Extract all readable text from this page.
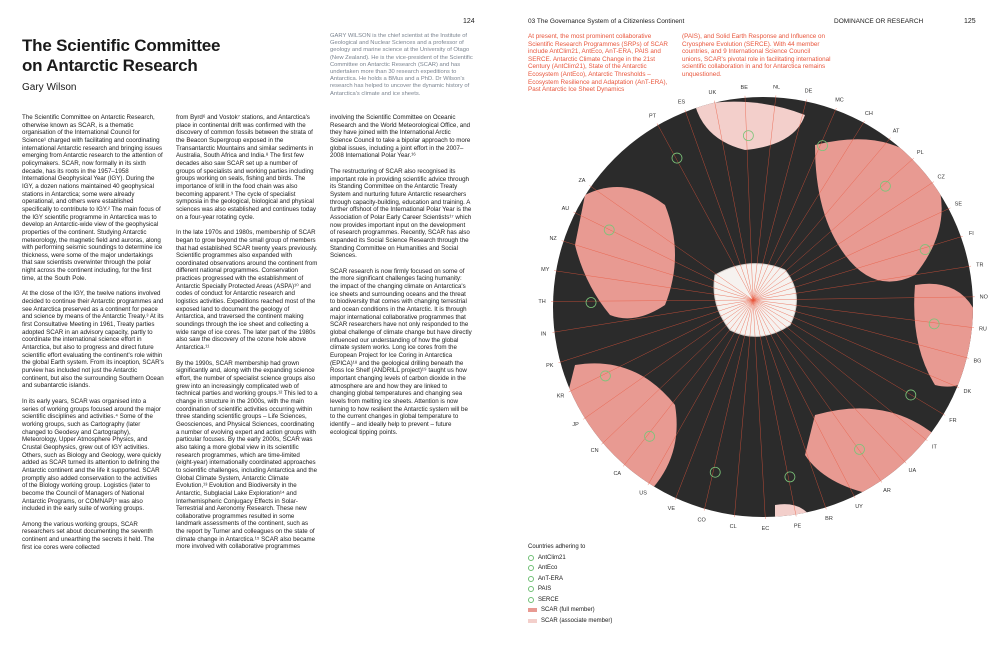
124
The Scientific Committee on Antarctic Research
Gary Wilson
GARY WILSON is the chief scientist at the Institute of Geological and Nuclear Sciences and a professor of geology and marine science at the University of Otago (New Zealand). He is the vice-president of the Scientific Committee on Antarctic Research (SCAR) and has undertaken more than 30 research expeditions to Antarctica. He holds a BMus and a PhD. Dr Wilson's research has helped to uncover the dynamic history of Antarctica's climate and ice sheets.

The Scientific Committee on Antarctic Research, otherwise known as SCAR, is a thematic organisation of the International Council for Science¹ charged with facilitating and coordinating international Antarctic research and bringing issues emerging from Antarctic research to the attention of policymakers. SCAR, now formally in its sixth decade, has its roots in the 1957–1958 International Geophysical Year (IGY). During the IGY, a dozen nations maintained 40 geophysical stations in Antarctica; some were already operational, and others were established specifically to contribute to IGY.² The main focus of the IGY scientific programme in Antarctica was to develop an Antarctic-wide view of the geophysical properties of the continent. Studying Antarctic meteorology, the magnetic field and auroras, along with performing seismic soundings to determine ice thickness, were some of the major undertakings that saw scientists overwinter through the polar night across the continent including, for the first time, at the South Pole.

At the close of the IGY, the twelve nations involved decided to continue their Antarctic programmes and see Antarctica preserved as a continent for peace and science by means of the Antarctic Treaty.³ At its first Consultative Meeting in 1961, Treaty parties adopted SCAR in an advisory capacity, partly to coordinate the international science effort in Antarctica, but also to progress and direct future scientific effort evaluating the continent's role within the global Earth system. From its inception, SCAR's purview has included not just the Antarctic continent, but also the surrounding Southern Ocean and subantarctic islands.

In its early years, SCAR was organised into a series of working groups focused around the major scientific disciplines and activities.⁴ Some of the working groups, such as Cartography (later changed to Geodesy and Cartography), Meteorology, Upper Atmosphere Physics, and Crustal Geophysics, grew out of IGY activities. Others, such as Biology and Geology, were quickly added as SCAR turned its attention to defining the Antarctic continent and the life it supported. SCAR promptly also added conservation to the activities of the Biology working group. Logistics (later to become the Council of Managers of National Antarctic Programs, or COMNAP)⁵ was also included in the early suite of working groups.

Among the various working groups, SCAR researchers set about documenting the seventh continent and unearthing the secrets it held. The first ice cores were collected

from Byrd⁶ and Vostok⁷ stations, and Antarctica's place in continental drift was confirmed with the discovery of common fossils between the strata of the Beacon Supergroup exposed in the Transantarctic Mountains and similar sediments in Australia, South Africa and India.⁸ The first few decades also saw SCAR set up a number of groups of specialists and working parties including groups working on seals, fishing and birds. The importance of krill in the food chain was also becoming apparent.⁹ The cycle of specialist symposia in the geological, biological and physical sciences was also established and continues today on a four-year rotating cycle.

In the late 1970s and 1980s, membership of SCAR began to grow beyond the small group of members that had established SCAR twenty years previously. Scientific programmes also expanded with coordinated observations around the continent from different national programmes. Conservation practices progressed with the establishment of Antarctic Specially Protected Areas (ASPA)¹⁰ and codes of conduct for Antarctic research and logistics activities. Expeditions reached most of the exposed land to document the geology of Antarctica, and traversed the continent making soundings through the ice sheet and collecting a wide range of ice cores. The later part of the 1980s also saw the discovery of the ozone hole above Antarctica.¹¹

By the 1990s, SCAR membership had grown significantly and, along with the expanding science effort, the number of specialist science groups also grew into an increasingly complicated web of technical parties and working groups.¹² This led to a change in structure in the 2000s, with the main coordination of scientific activities occurring within three standing scientific groups – Life Sciences, Geosciences, and Physical Sciences, coordinating a number of evolving expert and action groups with particular focuses. By the early 2000s, SCAR was also taking a more global view in its scientific research programmes, which are time-limited (eight-year) internationally coordinated approaches to scientific challenges, including Antarctica and the Global Climate System, Antarctic Climate Evolution,¹³ Evolution and Biodiversity in the Antarctic, Subglacial Lake Exploration¹⁴ and Interhemispheric Conjugacy Effects in Solar-Terrestrial and Aeronomy Research. These new collaborative programmes resulted in some landmark assessments of the continent, such as the report by Turner and colleagues on the state of climate change in Antarctica.¹⁵ SCAR also became more involved with collaborative programmes

involving the Scientific Committee on Oceanic Research and the World Meteorological Office, and they have joined with the International Arctic Science Council to take a bipolar approach to more global issues, including a joint effort in the 2007–2008 International Polar Year.¹⁶

The restructuring of SCAR also recognised its important role in providing scientific advice through its Standing Committee on the Antarctic Treaty System and nurturing future Antarctic researchers through capacity-building, education and training. A further offshoot of the International Polar Year is the Association of Polar Early Career Scientists¹⁷ which now provides important input on the development of research programmes. Recently, SCAR has also expanded its Social Science Research through the Standing Committee on Humanities and Social Sciences.

SCAR research is now firmly focused on some of the more significant challenges facing humanity: the impact of the changing climate on Antarctica's ice sheets and surrounding oceans and the threat to biodiversity that comes with changing terrestrial and ocean conditions in the Antarctic. It is through major international collaborative programmes that SCAR researchers have not only responded to the global challenge of climate change but have directly influenced our understanding of how the global climate system works. Long ice cores from the European Project for Ice Coring in Antarctica (EPICA)¹⁸ and the geological drilling beneath the Ross Ice Shelf (ANDRILL project)¹⁹ taught us how important changing levels of carbon dioxide in the atmosphere are and how they are linked to changing global temperatures and changing sea levels from melting ice sheets. Attention is now turning to how resilient the Antarctic system will be to the current changes in global temperature to identify – and ideally help to prevent – future ecological tipping points.

03 The Governance System of a Citizenless Continent	DOMINANCE OR RESEARCH	125
At present, the most prominent collaborative Scientific Research Programmes (SRPs) of SCAR include AntClim21, AntEco, AnT-ERA, PAIS and SERCE. Antarctic Climate Change in the 21st Century (AntClim21), State of the Antarctic Ecosystem (AntEco), Antarctic Thresholds – Ecosystem Resilience and Adaptation (AnT-ERA), Past Antarctic Ice Sheet Dynamics
(PAIS), and Solid Earth Response and Influence on Cryosphere Evolution (SERCE). With 44 member countries, and 9 International Science Council unions, SCAR's pivotal role in facilitating international scientific collaboration in and for Antarctica remains unquestioned.
PT
ES
UK
BE	NL
DE
MC
CH
AT
PL
CZ
SE
FI
TR
NO
RU
BG
DK
FR
IT
UA
AR
UY
BR
PE
EC
CL
CO
VE
US
CA
CN
JP
KR
PK
IN
TH
MY
NZ
AU
ZA
Countries adhering to
AntClim21
AntEco
AnT-ERA
PAIS
SERCE
SCAR (full member)
SCAR (associate member)
